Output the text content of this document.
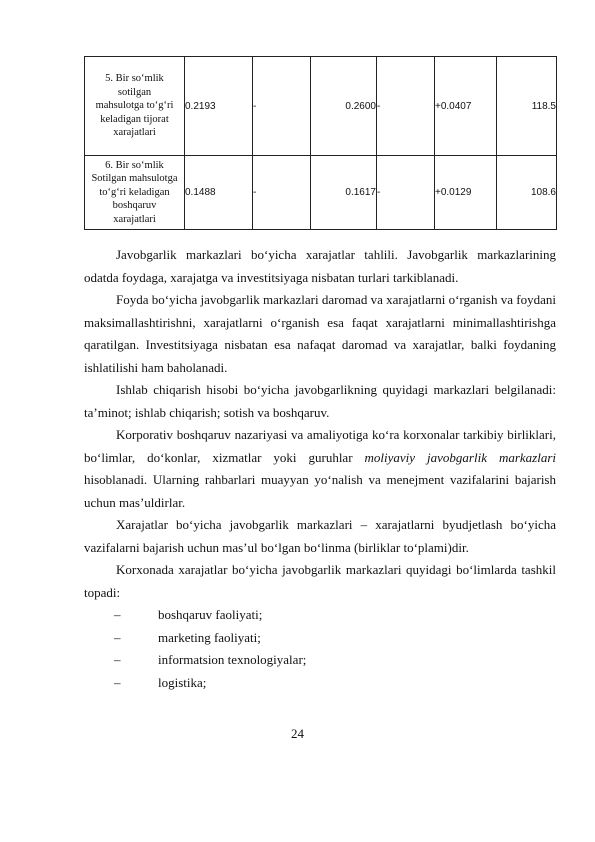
5. Bir so‘mlik
sotilgan
mahsulotga to‘g‘ri
keladigan tijorat
xarajatlari	0.2193	-	0.2600	-	+0.0407	118.5
6. Bir so‘mlik
Sotilgan mahsulotga
to‘g‘ri keladigan
boshqaruv
xarajatlari	0.1488	-	0.1617	-	+0.0129	108.6

Javobgarlik markazlari bo‘yicha xarajatlar tahlili. Javobgarlik markazlarining odatda foydaga, xarajatga va investitsiyaga nisbatan turlari tarkiblanadi.

Foyda bo‘yicha javobgarlik markazlari daromad va xarajatlarni o‘rganish va foydani maksimallashtirishni, xarajatlarni o‘rganish esa faqat xarajatlarni minimallashtirishga qaratilgan. Investitsiyaga nisbatan esa nafaqat daromad va xarajatlar, balki foydaning ishlatilishi ham baholanadi.

Ishlab chiqarish hisobi bo‘yicha javobgarlikning quyidagi markazlari belgilanadi: ta’minot; ishlab chiqarish; sotish va boshqaruv.

Korporativ boshqaruv nazariyasi va amaliyotiga ko‘ra korxonalar tarkibiy birliklari, bo‘limlar, do‘konlar, xizmatlar yoki guruhlar moliyaviy javobgarlik markazlari hisoblanadi. Ularning rahbarlari muayyan yo‘nalish va menejment vazifalarini bajarish uchun mas’uldirlar.

Xarajatlar bo‘yicha javobgarlik markazlari – xarajatlarni byudjetlash bo‘yicha vazifalarni bajarish uchun mas’ul bo‘lgan bo‘linma (birliklar to‘plami)dir.

Korxonada xarajatlar bo‘yicha javobgarlik markazlari quyidagi bo‘limlarda tashkil topadi:

‒	boshqaruv faoliyati;
‒	marketing faoliyati;
‒	informatsion texnologiyalar;
‒	logistika;
24
